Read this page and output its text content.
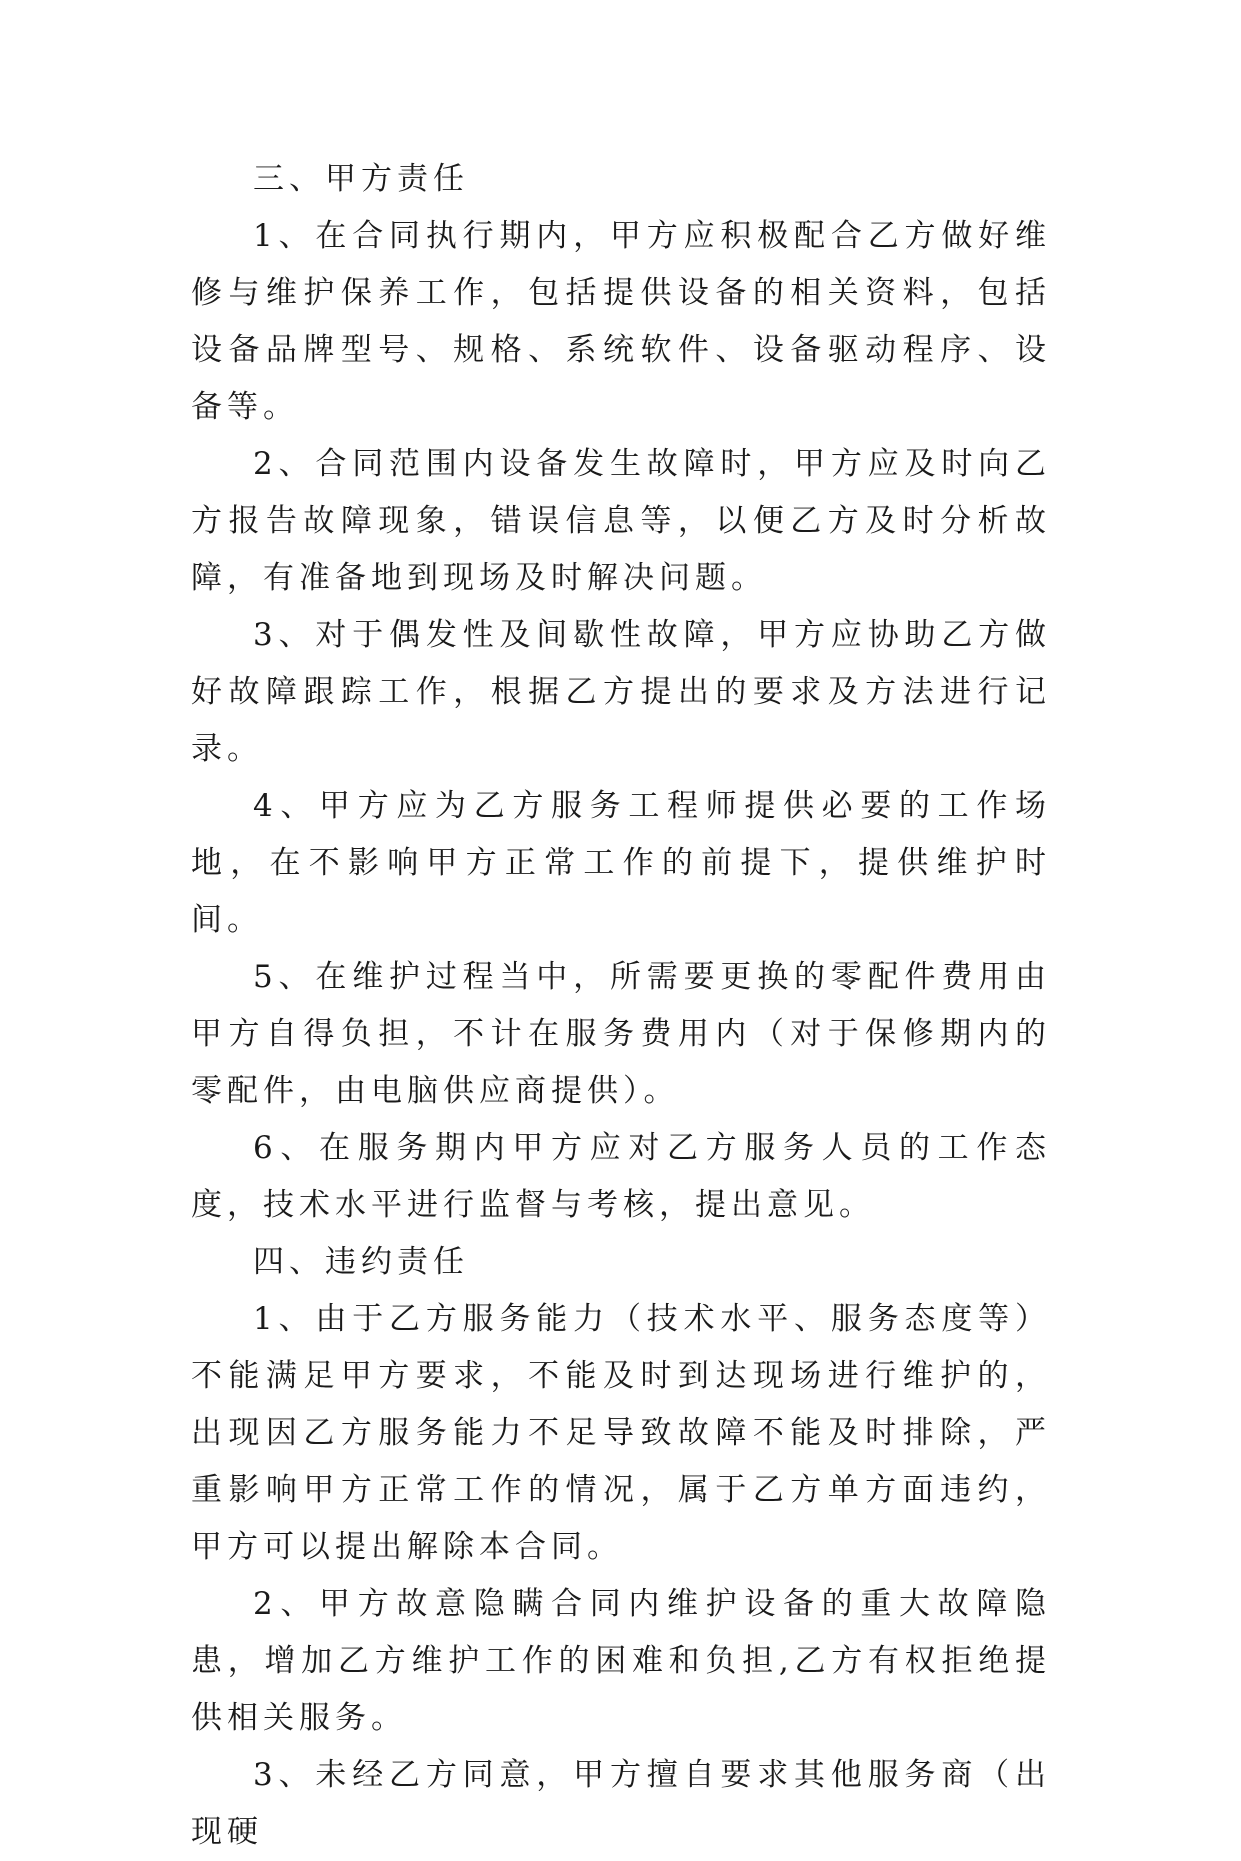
三、甲方责任

1、在合同执行期内，甲方应积极配合乙方做好维修与维护保养工作，包括提供设备的相关资料，包括设备品牌型号、规格、系统软件、设备驱动程序、设备等。

2、合同范围内设备发生故障时，甲方应及时向乙方报告故障现象，错误信息等，以便乙方及时分析故障，有准备地到现场及时解决问题。

3、对于偶发性及间歇性故障，甲方应协助乙方做好故障跟踪工作，根据乙方提出的要求及方法进行记录。

4、甲方应为乙方服务工程师提供必要的工作场地，在不影响甲方正常工作的前提下，提供维护时间。

5、在维护过程当中，所需要更换的零配件费用由甲方自得负担，不计在服务费用内（对于保修期内的零配件，由电脑供应商提供）。

6、在服务期内甲方应对乙方服务人员的工作态度，技术水平进行监督与考核，提出意见。

四、违约责任

1、由于乙方服务能力（技术水平、服务态度等）不能满足甲方要求，不能及时到达现场进行维护的，出现因乙方服务能力不足导致故障不能及时排除，严重影响甲方正常工作的情况，属于乙方单方面违约，甲方可以提出解除本合同。

2、甲方故意隐瞒合同内维护设备的重大故障隐患，增加乙方维护工作的困难和负担,乙方有权拒绝提供相关服务。

3、未经乙方同意，甲方擅自要求其他服务商（出现硬
